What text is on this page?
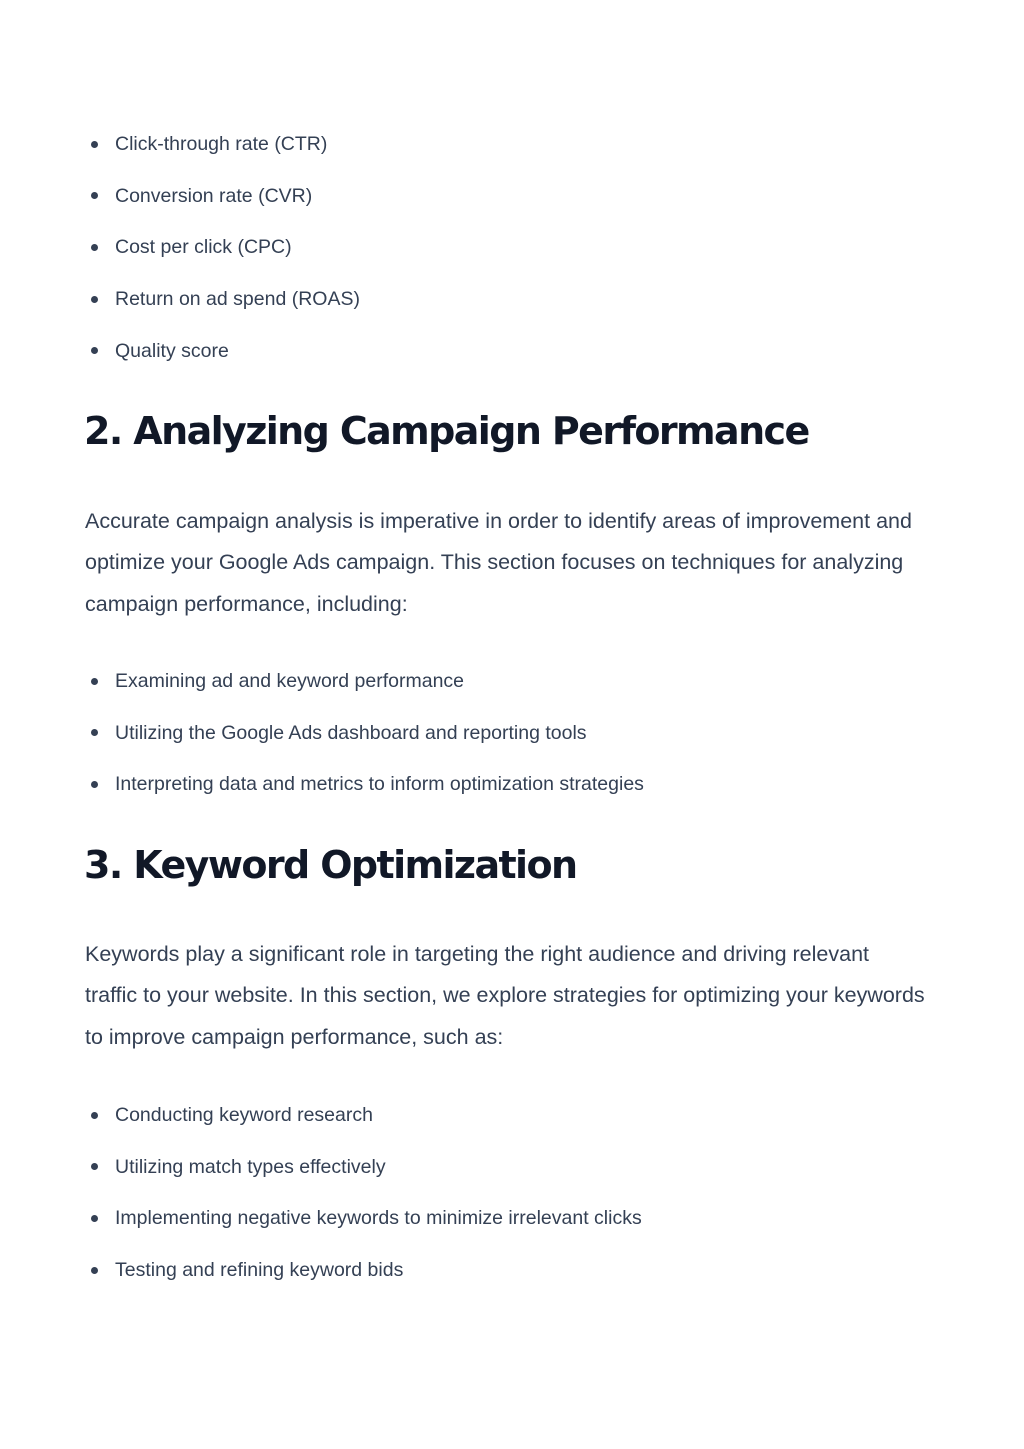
Click-through rate (CTR)
Conversion rate (CVR)
Cost per click (CPC)
Return on ad spend (ROAS)
Quality score
2. Analyzing Campaign Performance

Accurate campaign analysis is imperative in order to identify areas of improvement and optimize your Google Ads campaign. This section focuses on techniques for analyzing campaign performance, including:

Examining ad and keyword performance
Utilizing the Google Ads dashboard and reporting tools
Interpreting data and metrics to inform optimization strategies
3. Keyword Optimization

Keywords play a significant role in targeting the right audience and driving relevant traffic to your website. In this section, we explore strategies for optimizing your keywords to improve campaign performance, such as:

Conducting keyword research
Utilizing match types effectively
Implementing negative keywords to minimize irrelevant clicks
Testing and refining keyword bids
